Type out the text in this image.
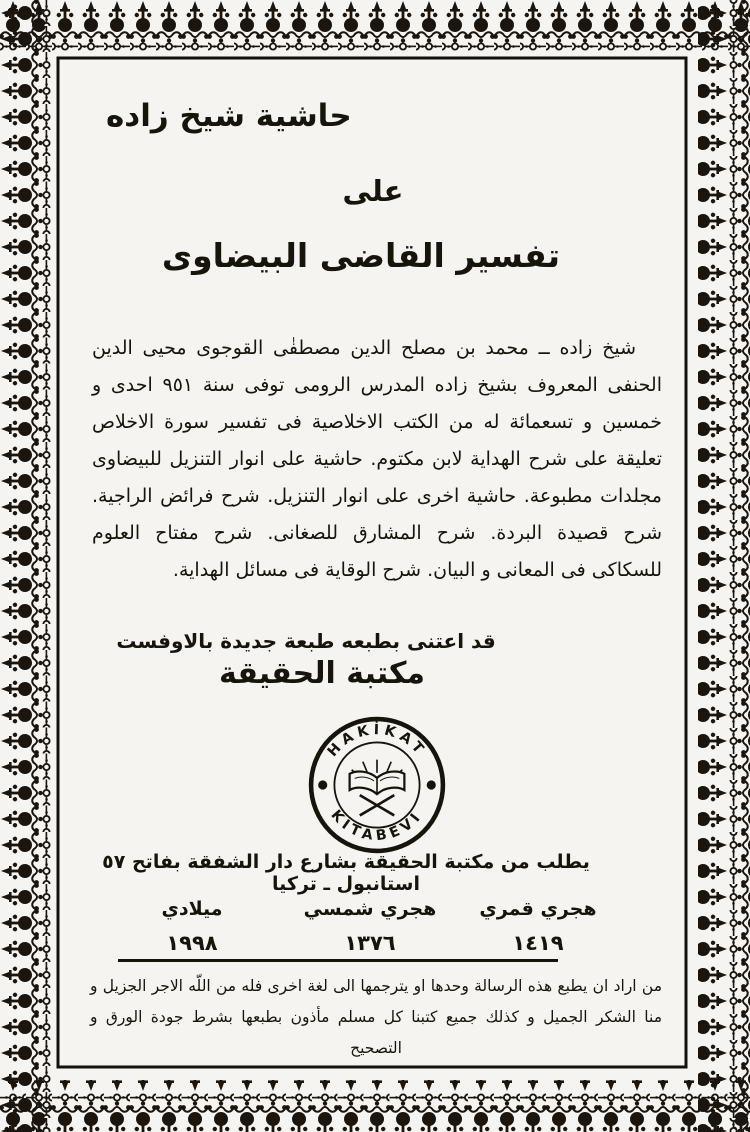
حاشية شيخ زاده
على
تفسير القاضى البيضاوى
شيخ زاده ــ محمد بن مصلح الدين مصطفٰى القوجوى محيى الدين الحنفى المعروف بشيخ زاده المدرس الرومى توفى سنة ٩٥١ احدى و خمسين و تسعمائة له من الكتب الاخلاصية فى تفسير سورة الاخلاص تعليقة على شرح الهداية لابن مكتوم. حاشية على انوار التنزيل للبيضاوى مجلدات مطبوعة. حاشية اخرى على انوار التنزيل. شرح فرائض الراجية. شرح قصيدة البردة. شرح المشارق للصغانى. شرح مفتاح العلوم للسكاكى فى المعانى و البيان. شرح الوقاية فى مسائل الهداية.
قد اعتنى بطبعه طبعة جديدة بالاوفست
مكتبة الحقيقة
HAKİKAT
KİTABEVİ
يطلب من مكتبة الحقيقة بشارع دار الشفقة بفاتح ٥٧ استانبول ـ تركيا
هجري قمري
١٤١٩
هجري شمسي
١٣٧٦
ميلادي
١٩٩٨
من اراد ان يطبع هذه الرسالة وحدها او يترجمها الى لغة اخرى فله من اللّه الاجر الجزيل و منا الشكر الجميل و كذلك جميع كتبنا كل مسلم مأذون بطبعها بشرط جودة الورق و التصحيح
